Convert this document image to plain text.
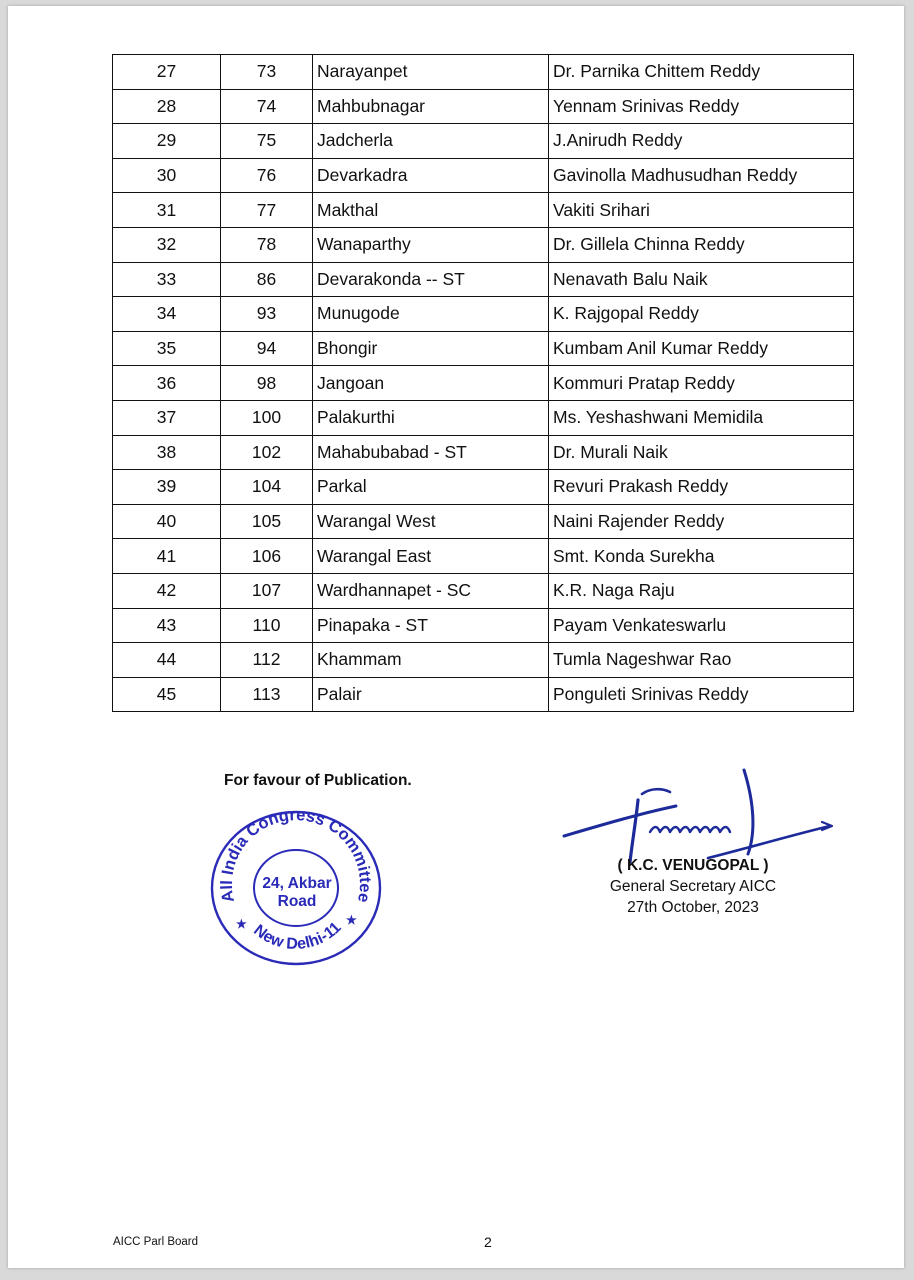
27	73	Narayanpet	Dr. Parnika Chittem Reddy
28	74	Mahbubnagar	Yennam Srinivas Reddy
29	75	Jadcherla	J.Anirudh Reddy
30	76	Devarkadra	Gavinolla Madhusudhan Reddy
31	77	Makthal	Vakiti Srihari
32	78	Wanaparthy	Dr. Gillela Chinna Reddy
33	86	Devarakonda -- ST	Nenavath Balu Naik
34	93	Munugode	K. Rajgopal Reddy
35	94	Bhongir	Kumbam Anil Kumar Reddy
36	98	Jangoan	Kommuri Pratap Reddy
37	100	Palakurthi	Ms. Yeshashwani Memidila
38	102	Mahabubabad - ST	Dr. Murali Naik
39	104	Parkal	Revuri Prakash Reddy
40	105	Warangal West	Naini Rajender Reddy
41	106	Warangal East	Smt. Konda Surekha
42	107	Wardhannapet - SC	K.R. Naga Raju
43	110	Pinapaka - ST	Payam Venkateswarlu
44	112	Khammam	Tumla Nageshwar Rao
45	113	Palair	Ponguleti Srinivas Reddy
For favour of Publication.
All India Congress Committee
New Delhi-11
★	★
24, Akbar
Road
( K.C. VENUGOPAL )
General Secretary AICC
27th October, 2023
AICC Parl Board	2
